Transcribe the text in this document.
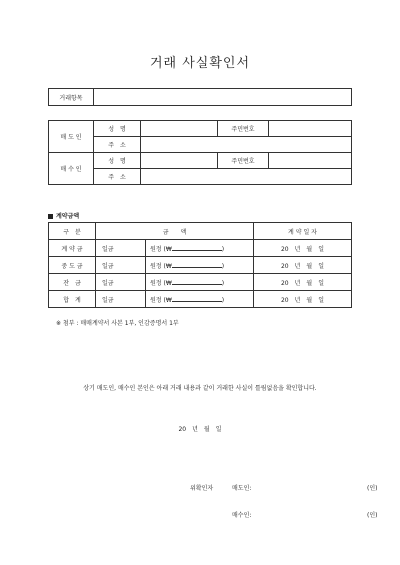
거래 사실확인서
거래항목	
매 도 인	성　명		주민번호	
	주　소			
매 수 인	성　명		주민번호	
	주　소			
계약금액
구　분	금　　액		계 약 일 자
계 약 금	일금	원정 (₩ )	20　년　월　일
중 도 금	일금	원정 (₩ )	20　년　월　일
잔　금	일금	원정 (₩ )	20　년　월　일
합　계	일금	원정 (₩ )	20　년　월　일
※ 첨부 : 매매계약서 사본 1부, 인감증명서 1부
상기 매도인, 매수인 본인은 아래 거래 내용과 같이 거래한 사실이 틀림없음을 확인합니다.
20　년　월　일
위확인자	매도인:	(인)
매수인:	(인)
